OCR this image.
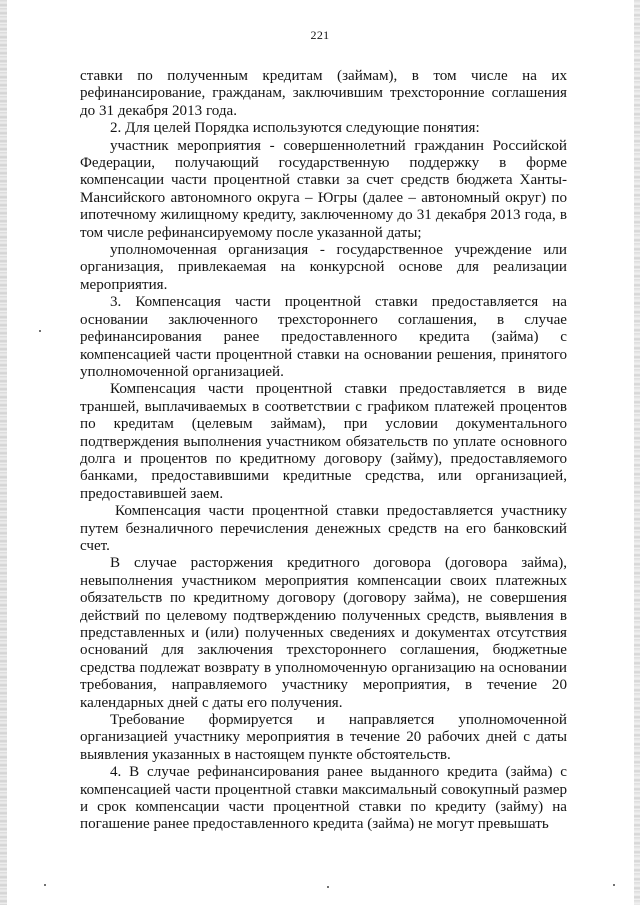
221

ставки по полученным кредитам (займам), в том числе на их рефинансирование, гражданам, заключившим трехсторонние соглашения до 31 декабря 2013 года.

2. Для целей Порядка используются следующие понятия:

участник мероприятия - совершеннолетний гражданин Российской Федерации, получающий государственную поддержку в форме компенсации части процентной ставки за счет средств бюджета Ханты-Мансийского автономного округа – Югры (далее – автономный округ) по ипотечному жилищному кредиту, заключенному до 31 декабря 2013 года, в том числе рефинансируемому после указанной даты;

уполномоченная организация - государственное учреждение или организация, привлекаемая на конкурсной основе для реализации мероприятия.

3. Компенсация части процентной ставки предоставляется на основании заключенного трехстороннего соглашения, в случае рефинансирования ранее предоставленного кредита (займа) с компенсацией части процентной ставки на основании решения, принятого уполномоченной организацией.

Компенсация части процентной ставки предоставляется в виде траншей, выплачиваемых в соответствии с графиком платежей процентов по кредитам (целевым займам), при условии документального подтверждения выполнения участником обязательств по уплате основного долга и процентов по кредитному договору (займу), предоставляемого банками, предоставившими кредитные средства, или организацией, предоставившей заем.

Компенсация части процентной ставки предоставляется участнику путем безналичного перечисления денежных средств на его банковский счет.

В случае расторжения кредитного договора (договора займа), невыполнения участником мероприятия компенсации своих платежных обязательств по кредитному договору (договору займа), не совершения действий по целевому подтверждению полученных средств, выявления в представленных и (или) полученных сведениях и документах отсутствия оснований для заключения трехстороннего соглашения, бюджетные средства подлежат возврату в уполномоченную организацию на основании требования, направляемого участнику мероприятия, в течение 20 календарных дней с даты его получения.

Требование формируется и направляется уполномоченной организацией участнику мероприятия в течение 20 рабочих дней с даты выявления указанных в настоящем пункте обстоятельств.

4. В случае рефинансирования ранее выданного кредита (займа) с компенсацией части процентной ставки максимальный совокупный размер и срок компенсации части процентной ставки по кредиту (займу) на погашение ранее предоставленного кредита (займа) не могут превышать
